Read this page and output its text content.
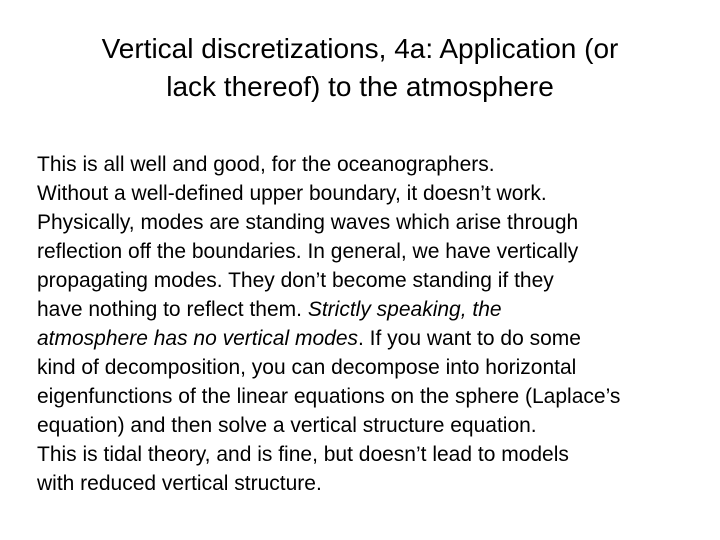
Vertical discretizations, 4a: Application (or
lack thereof) to the atmosphere
This is all well and good, for the oceanographers.
Without a well-defined upper boundary, it doesn’t work.
Physically, modes are standing waves which arise through
reflection off the boundaries. In general, we have vertically
propagating modes. They don’t become standing if they
have nothing to reflect them. Strictly speaking, the
atmosphere has no vertical modes. If you want to do some
kind of decomposition, you can decompose into horizontal
eigenfunctions of the linear equations on the sphere (Laplace’s
equation) and then solve a vertical structure equation.
This is tidal theory, and is fine, but doesn’t lead to models
with reduced vertical structure.
